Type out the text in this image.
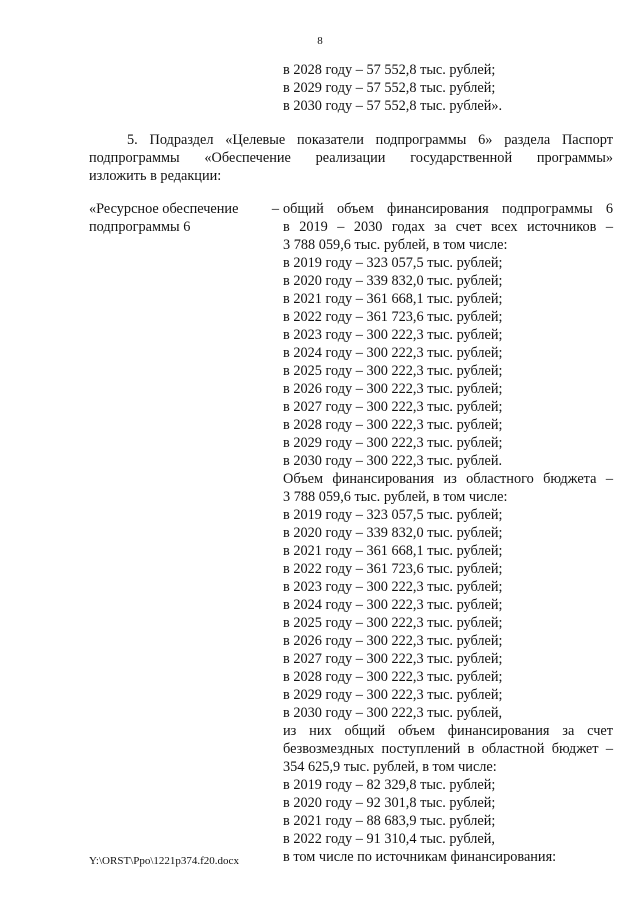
8
в 2028 году – 57 552,8 тыс. рублей;
в 2029 году – 57 552,8 тыс. рублей;
в 2030 году – 57 552,8 тыс. рублей».
5. Подраздел «Целевые показатели подпрограммы 6» раздела Паспорт
подпрограммы «Обеспечение реализации государственной программы»
изложить в редакции:
«Ресурсное обеспечение –
подпрограммы 6
общий объем финансирования подпрограммы 6
в 2019 – 2030 годах за счет всех источников –
3 788 059,6 тыс. рублей, в том числе:
в 2019 году – 323 057,5 тыс. рублей;
в 2020 году – 339 832,0 тыс. рублей;
в 2021 году – 361 668,1 тыс. рублей;
в 2022 году – 361 723,6 тыс. рублей;
в 2023 году – 300 222,3 тыс. рублей;
в 2024 году – 300 222,3 тыс. рублей;
в 2025 году – 300 222,3 тыс. рублей;
в 2026 году – 300 222,3 тыс. рублей;
в 2027 году – 300 222,3 тыс. рублей;
в 2028 году – 300 222,3 тыс. рублей;
в 2029 году – 300 222,3 тыс. рублей;
в 2030 году – 300 222,3 тыс. рублей.
Объем финансирования из областного бюджета –
3 788 059,6 тыс. рублей, в том числе:
в 2019 году – 323 057,5 тыс. рублей;
в 2020 году – 339 832,0 тыс. рублей;
в 2021 году – 361 668,1 тыс. рублей;
в 2022 году – 361 723,6 тыс. рублей;
в 2023 году – 300 222,3 тыс. рублей;
в 2024 году – 300 222,3 тыс. рублей;
в 2025 году – 300 222,3 тыс. рублей;
в 2026 году – 300 222,3 тыс. рублей;
в 2027 году – 300 222,3 тыс. рублей;
в 2028 году – 300 222,3 тыс. рублей;
в 2029 году – 300 222,3 тыс. рублей;
в 2030 году – 300 222,3 тыс. рублей,
из них общий объем финансирования за счет
безвозмездных поступлений в областной бюджет –
354 625,9 тыс. рублей, в том числе:
в 2019 году – 82 329,8 тыс. рублей;
в 2020 году – 92 301,8 тыс. рублей;
в 2021 году – 88 683,9 тыс. рублей;
в 2022 году – 91 310,4 тыс. рублей,
в том числе по источникам финансирования:
Y:\ORST\Ppo\1221p374.f20.docx
